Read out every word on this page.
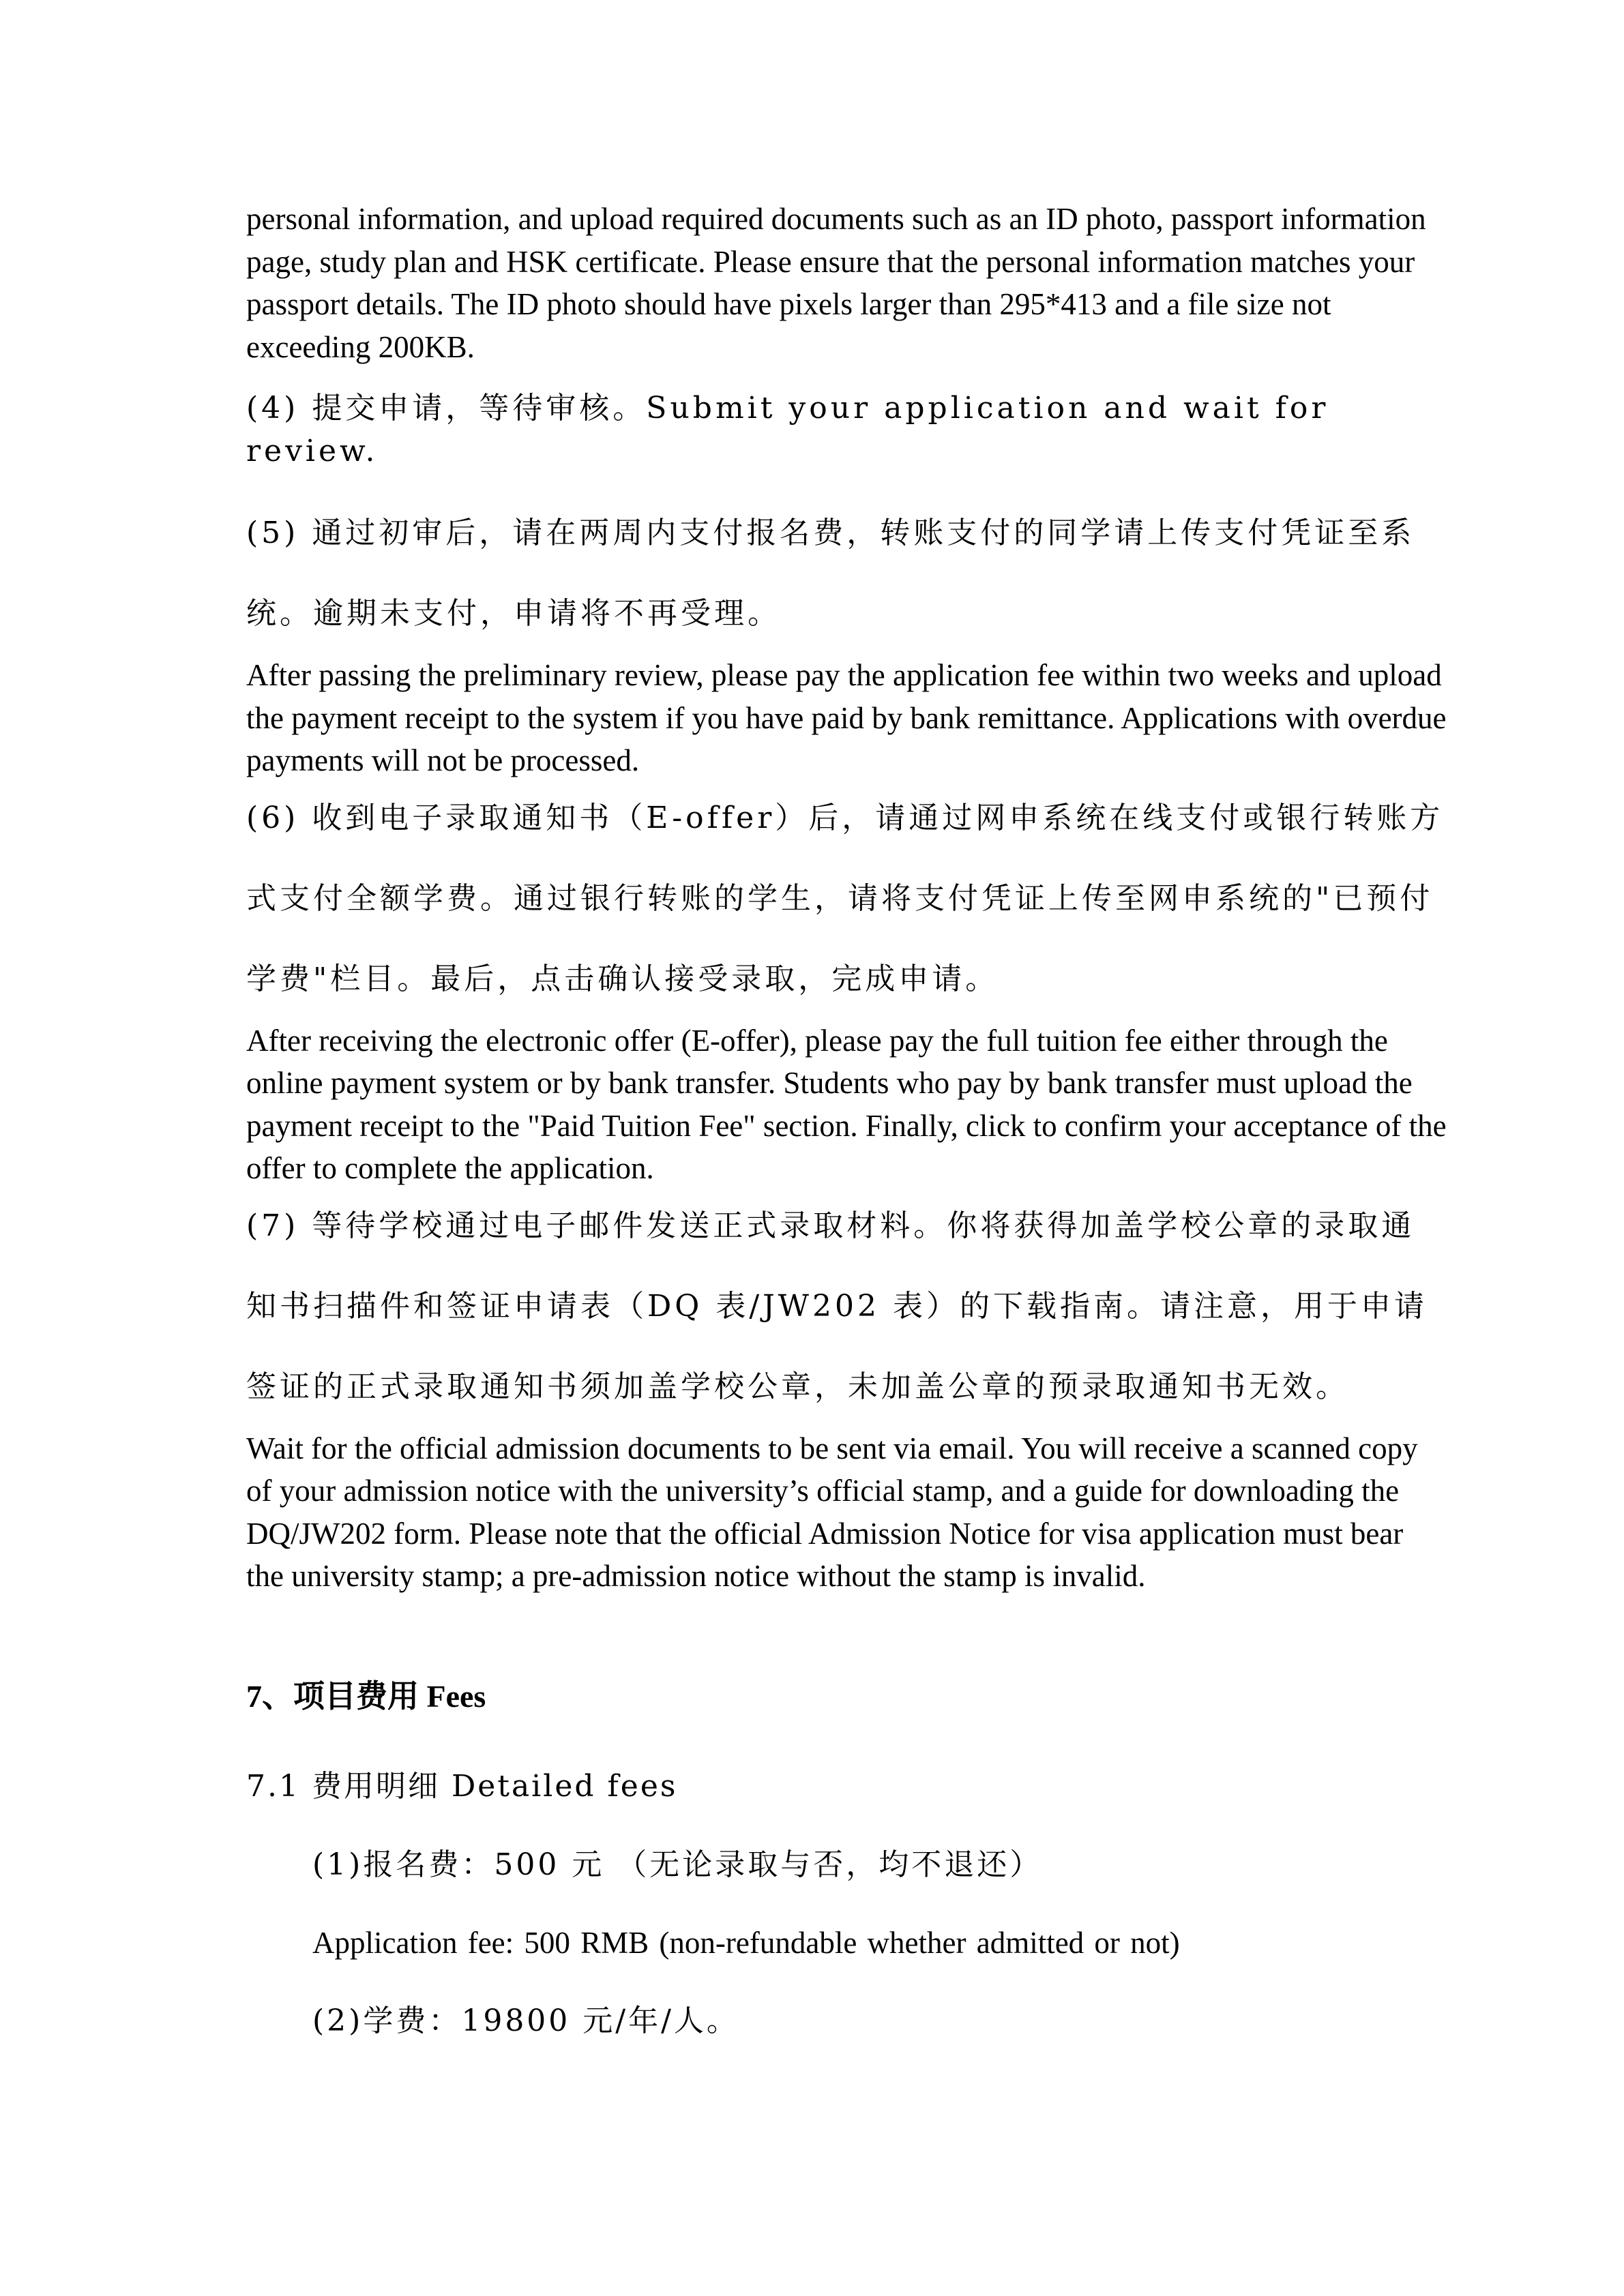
personal information, and upload required documents such as an ID photo, passport information page, study plan and HSK certificate. Please ensure that the personal information matches your passport details. The ID photo should have pixels larger than 295*413 and a file size not exceeding 200KB.

(4) 提交申请，等待审核。Submit your application and wait for review.

(5) 通过初审后，请在两周内支付报名费，转账支付的同学请上传支付凭证至系统。逾期未支付，申请将不再受理。

After passing the preliminary review, please pay the application fee within two weeks and upload the payment receipt to the system if you have paid by bank remittance. Applications with overdue payments will not be processed.

(6) 收到电子录取通知书（E-offer）后，请通过网申系统在线支付或银行转账方式支付全额学费。通过银行转账的学生，请将支付凭证上传至网申系统的"已预付学费"栏目。最后，点击确认接受录取，完成申请。

After receiving the electronic offer (E-offer), please pay the full tuition fee either through the online payment system or by bank transfer. Students who pay by bank transfer must upload the payment receipt to the "Paid Tuition Fee" section. Finally, click to confirm your acceptance of the offer to complete the application.

(7) 等待学校通过电子邮件发送正式录取材料。你将获得加盖学校公章的录取通知书扫描件和签证申请表（DQ 表/JW202 表）的下载指南。请注意，用于申请签证的正式录取通知书须加盖学校公章，未加盖公章的预录取通知书无效。

Wait for the official admission documents to be sent via email. You will receive a scanned copy of your admission notice with the university’s official stamp, and a guide for downloading the DQ/JW202 form. Please note that the official Admission Notice for visa application must bear the university stamp; a pre-admission notice without the stamp is invalid.

7、项目费用 Fees

7.1 费用明细 Detailed fees

(1)报名费：500 元 （无论录取与否，均不退还）

Application fee: 500 RMB (non-refundable whether admitted or not)

(2)学费：19800 元/年/人。
